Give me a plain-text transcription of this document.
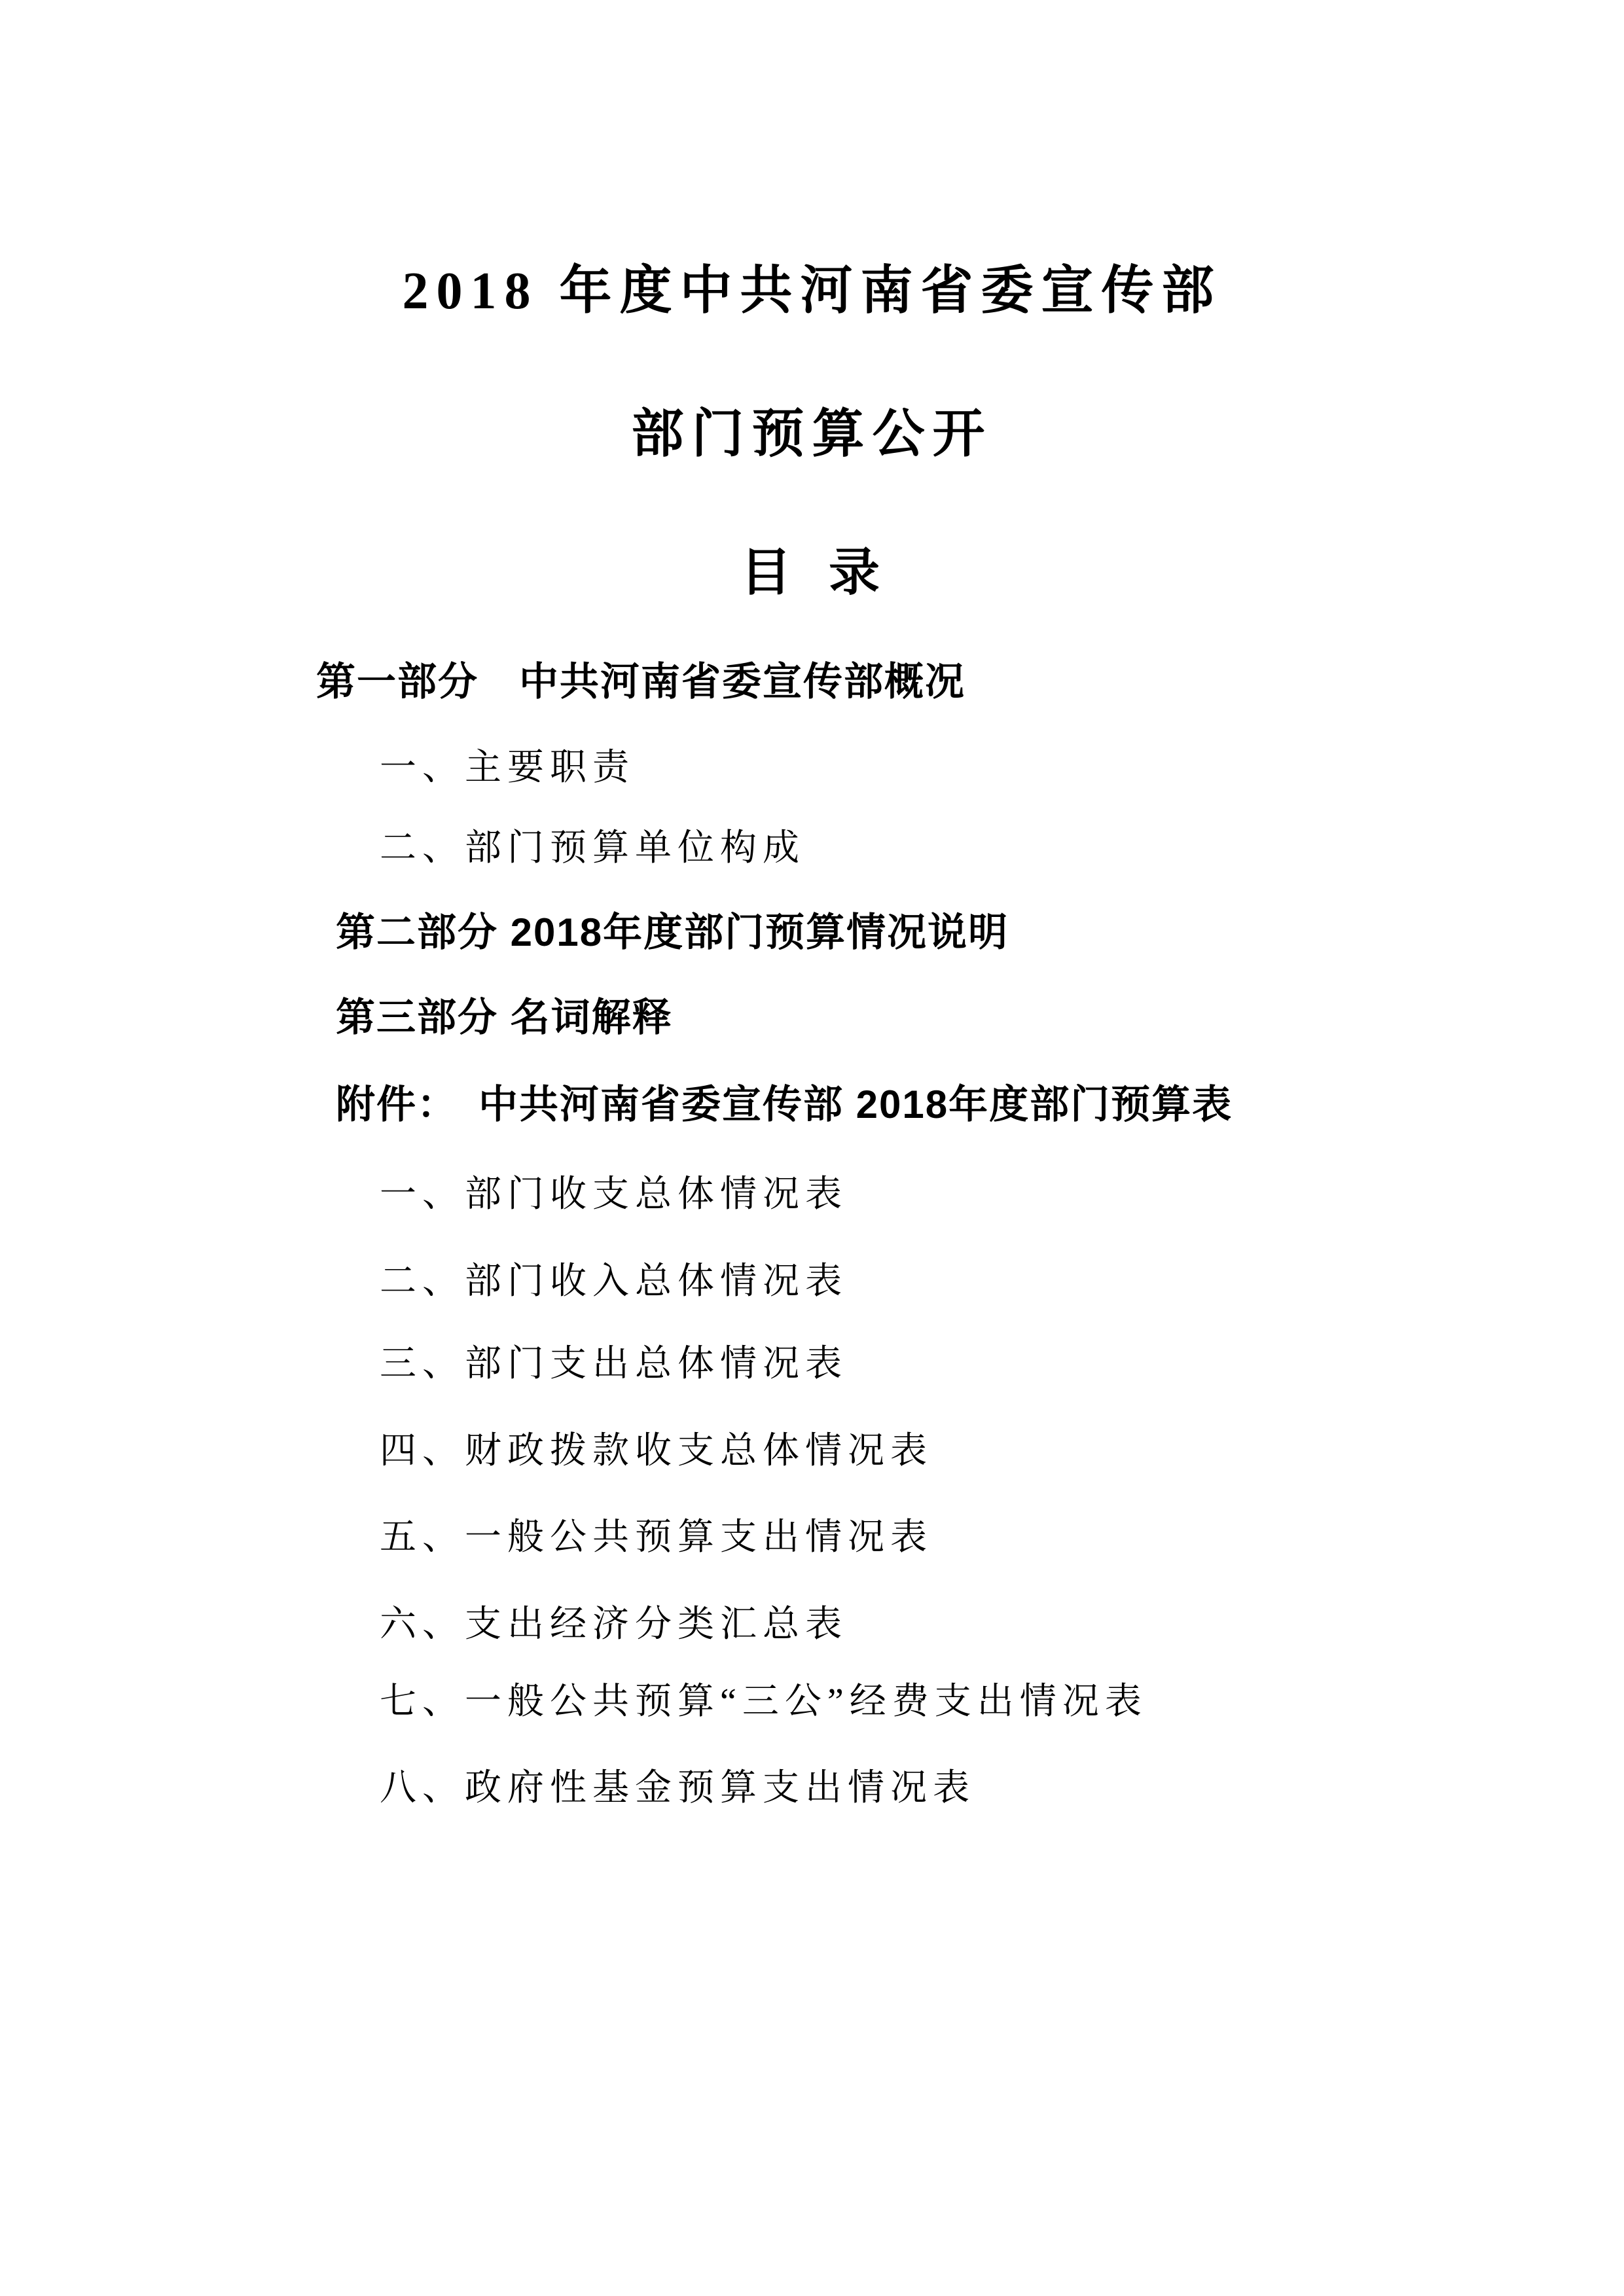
2018 年度中共河南省委宣传部
部门预算公开
目  录
第一部分　中共河南省委宣传部概况
一、主要职责
二、部门预算单位构成
第二部分 2018年度部门预算情况说明
第三部分 名词解释
附件：　中共河南省委宣传部 2018年度部门预算表
一、部门收支总体情况表
二、部门收入总体情况表
三、部门支出总体情况表
四、财政拨款收支总体情况表
五、一般公共预算支出情况表
六、支出经济分类汇总表
七、一般公共预算“三公”经费支出情况表
八、政府性基金预算支出情况表
